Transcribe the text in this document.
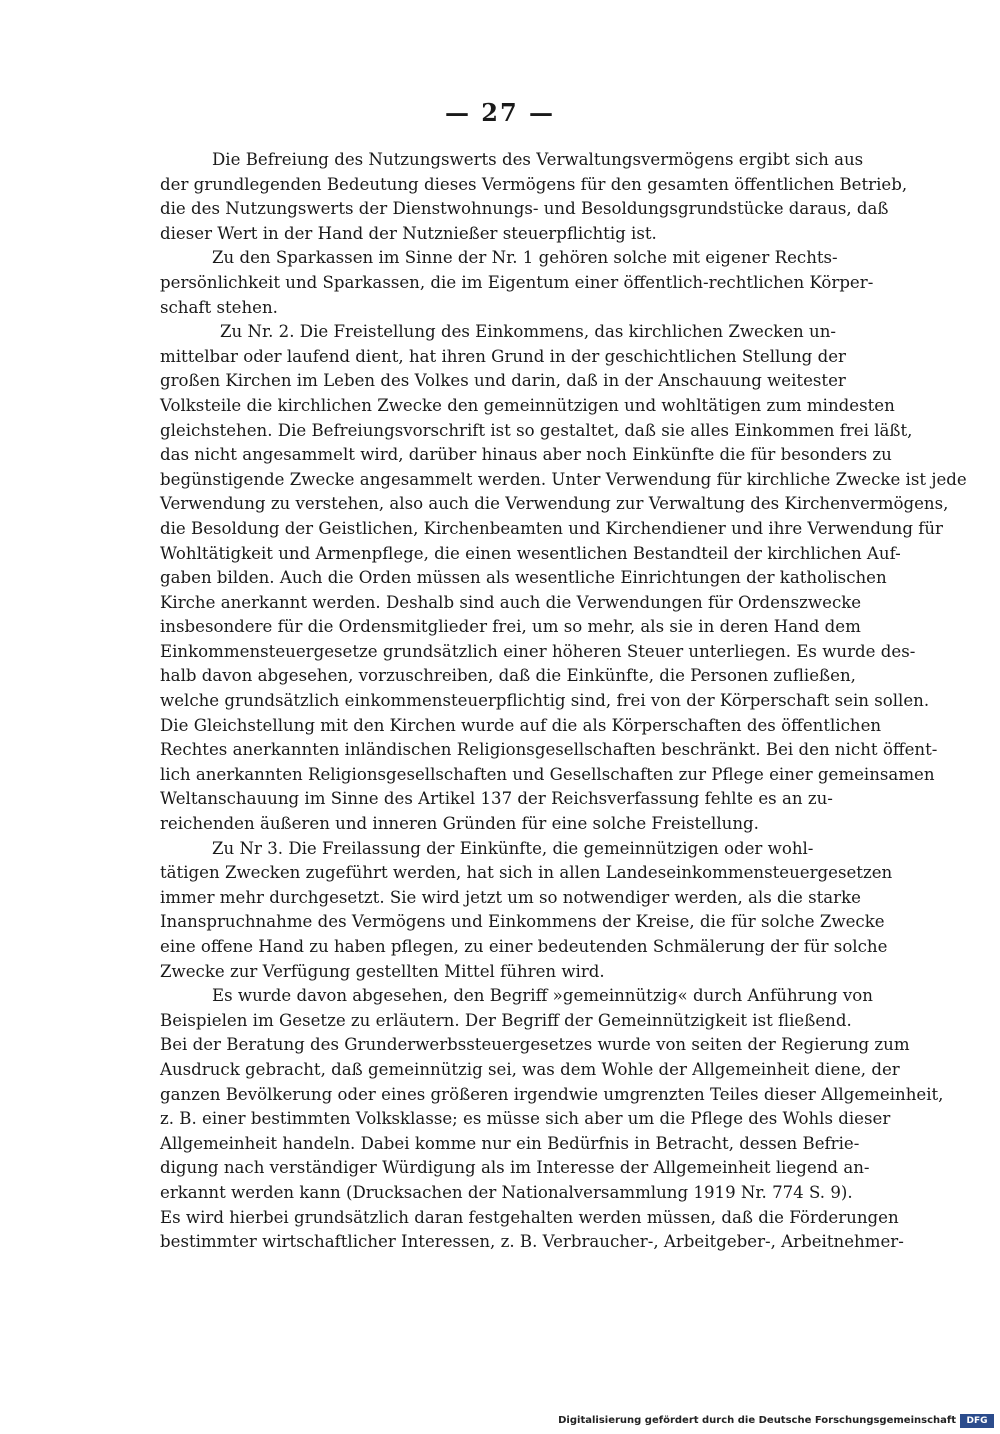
— 27 —

Die Befreiung des Nutzungswerts des Verwaltungsvermögens ergibt sich aus
der grundlegenden Bedeutung dieses Vermögens für den gesamten öffentlichen Betrieb,
die des Nutzungswerts der Dienstwohnungs- und Besoldungsgrundstücke daraus, daß
dieser Wert in der Hand der Nutznießer steuerpflichtig ist.

Zu den Sparkassen im Sinne der Nr. 1 gehören solche mit eigener Rechts-
persönlichkeit und Sparkassen, die im Eigentum einer öffentlich-rechtlichen Körper-
schaft stehen.

Zu Nr. 2. Die Freistellung des Einkommens, das kirchlichen Zwecken un-
mittelbar oder laufend dient, hat ihren Grund in der geschichtlichen Stellung der
großen Kirchen im Leben des Volkes und darin, daß in der Anschauung weitester
Volksteile die kirchlichen Zwecke den gemeinnützigen und wohltätigen zum mindesten
gleichstehen. Die Befreiungsvorschrift ist so gestaltet, daß sie alles Einkommen frei läßt,
das nicht angesammelt wird, darüber hinaus aber noch Einkünfte die für besonders zu
begünstigende Zwecke angesammelt werden. Unter Verwendung für kirchliche Zwecke ist jede
Verwendung zu verstehen, also auch die Verwendung zur Verwaltung des Kirchenvermögens,
die Besoldung der Geistlichen, Kirchenbeamten und Kirchendiener und ihre Verwendung für
Wohltätigkeit und Armenpflege, die einen wesentlichen Bestandteil der kirchlichen Auf-
gaben bilden. Auch die Orden müssen als wesentliche Einrichtungen der katholischen
Kirche anerkannt werden. Deshalb sind auch die Verwendungen für Ordenszwecke
insbesondere für die Ordensmitglieder frei, um so mehr, als sie in deren Hand dem
Einkommensteuergesetze grundsätzlich einer höheren Steuer unterliegen. Es wurde des-
halb davon abgesehen, vorzuschreiben, daß die Einkünfte, die Personen zufließen,
welche grundsätzlich einkommensteuerpflichtig sind, frei von der Körperschaft sein sollen.
Die Gleichstellung mit den Kirchen wurde auf die als Körperschaften des öffentlichen
Rechtes anerkannten inländischen Religionsgesellschaften beschränkt. Bei den nicht öffent-
lich anerkannten Religionsgesellschaften und Gesellschaften zur Pflege einer gemeinsamen
Weltanschauung im Sinne des Artikel 137 der Reichsverfassung fehlte es an zu-
reichenden äußeren und inneren Gründen für eine solche Freistellung.

Zu Nr 3. Die Freilassung der Einkünfte, die gemeinnützigen oder wohl-
tätigen Zwecken zugeführt werden, hat sich in allen Landeseinkommensteuergesetzen
immer mehr durchgesetzt. Sie wird jetzt um so notwendiger werden, als die starke
Inanspruchnahme des Vermögens und Einkommens der Kreise, die für solche Zwecke
eine offene Hand zu haben pflegen, zu einer bedeutenden Schmälerung der für solche
Zwecke zur Verfügung gestellten Mittel führen wird.

Es wurde davon abgesehen, den Begriff »gemeinnützig« durch Anführung von
Beispielen im Gesetze zu erläutern. Der Begriff der Gemeinnützigkeit ist fließend.
Bei der Beratung des Grunderwerbssteuergesetzes wurde von seiten der Regierung zum
Ausdruck gebracht, daß gemeinnützig sei, was dem Wohle der Allgemeinheit diene, der
ganzen Bevölkerung oder eines größeren irgendwie umgrenzten Teiles dieser Allgemeinheit,
z. B. einer bestimmten Volksklasse; es müsse sich aber um die Pflege des Wohls dieser
Allgemeinheit handeln. Dabei komme nur ein Bedürfnis in Betracht, dessen Befrie-
digung nach verständiger Würdigung als im Interesse der Allgemeinheit liegend an-
erkannt werden kann (Drucksachen der Nationalversammlung 1919 Nr. 774 S. 9).
Es wird hierbei grundsätzlich daran festgehalten werden müssen, daß die Förderungen
bestimmter wirtschaftlicher Interessen, z. B. Verbraucher-, Arbeitgeber-, Arbeitnehmer-

Digitalisierung gefördert durch die Deutsche Forschungsgemeinschaft	DFG
